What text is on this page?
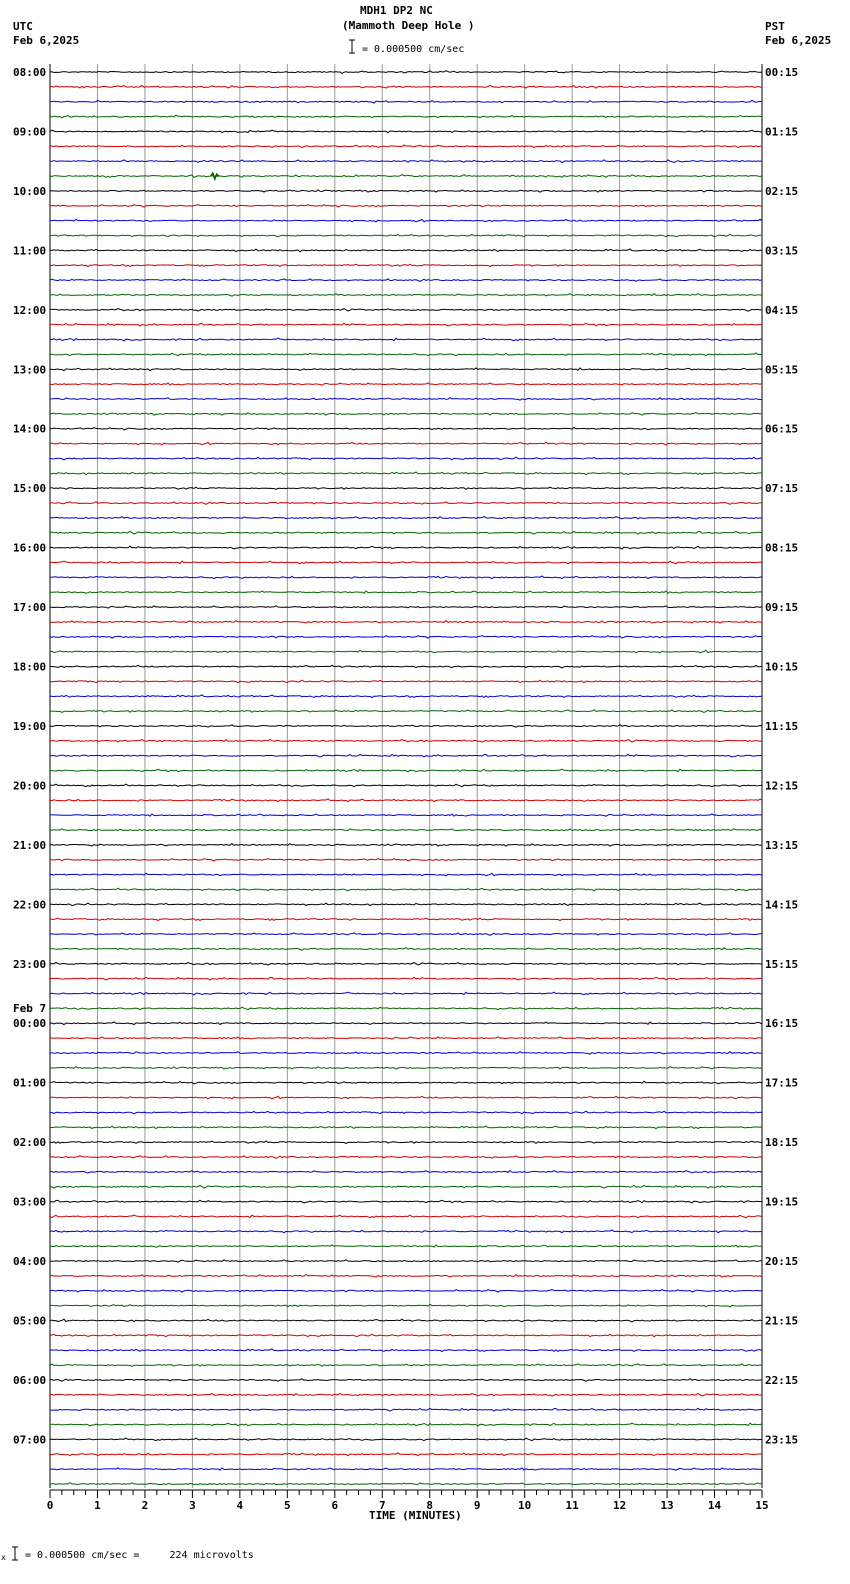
MDH1 DP2 NC
(Mammoth Deep Hole )
= 0.000500 cm/sec
UTC
Feb 6,2025
PST
Feb 6,2025
Feb 7
TIME (MINUTES)
= 0.000500 cm/sec =     224 microvolts
x
08:00
09:00
10:00
11:00
12:00
13:00
14:00
15:00
16:00
17:00
18:00
19:00
20:00
21:00
22:00
23:00
00:00
01:00
02:00
03:00
04:00
05:00
06:00
07:00
00:15
01:15
02:15
03:15
04:15
05:15
06:15
07:15
08:15
09:15
10:15
11:15
12:15
13:15
14:15
15:15
16:15
17:15
18:15
19:15
20:15
21:15
22:15
23:15
0	1	2	3	4	5	6	7	8	9	10	11	12	13	14	15
